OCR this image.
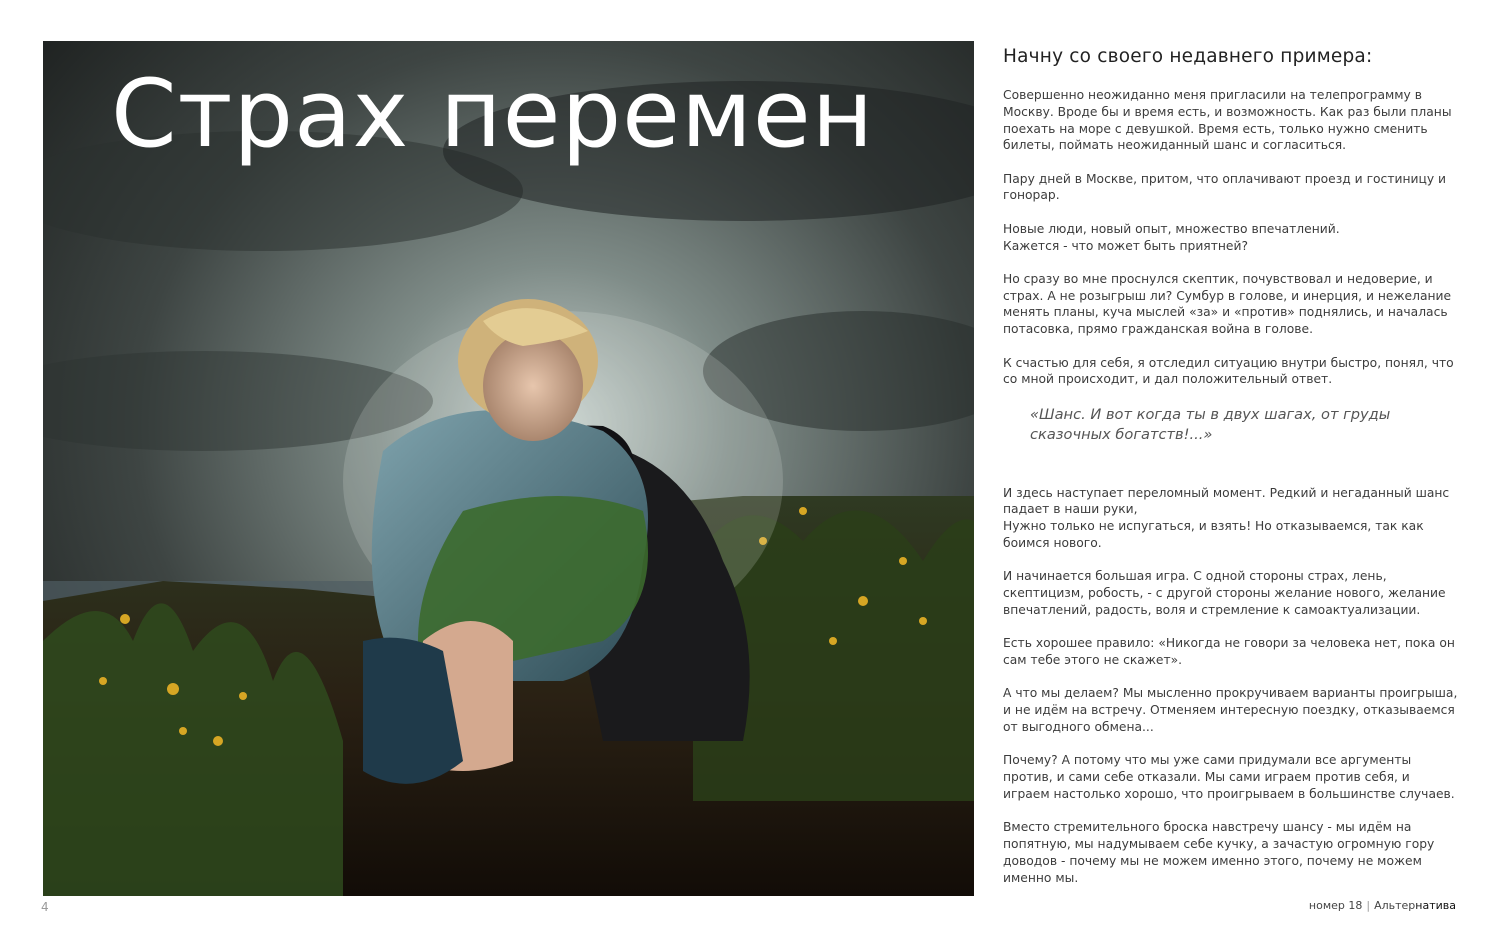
Страх перемен
Начну со своего недавнего примера:

Совершенно неожиданно меня пригласили на телепрограмму в
Москву. Вроде бы и время есть, и возможность. Как раз были планы
поехать на море с девушкой. Время есть, только нужно сменить
билеты, поймать неожиданный шанс и согласиться.

Пару дней в Москве, притом, что оплачивают проезд и гостиницу и
гонорар.

Новые люди, новый опыт, множество впечатлений.
Кажется - что может быть приятней?

Но сразу во мне проснулся скептик, почувствовал и недоверие, и
страх. А не розыгрыш ли? Сумбур в голове, и инерция, и нежелание
менять планы, куча мыслей «за» и «против» поднялись, и началась
потасовка, прямо гражданская война в голове.

К счастью для себя, я отследил ситуацию внутри быстро, понял, что
со мной происходит, и дал положительный ответ.

«Шанс. И вот когда ты в двух шагах, от груды
сказочных богатств!...»

И здесь наступает переломный момент. Редкий и негаданный шанс
падает в наши руки,
Нужно только не испугаться, и взять! Но отказываемся, так как
боимся нового.

И начинается большая игра. С одной стороны страх, лень,
скептицизм, робость, - с другой стороны желание нового, желание
впечатлений, радость, воля и стремление к самоактуализации.

Есть хорошее правило: «Никогда не говори за человека нет, пока он
сам тебе этого не скажет».

А что мы делаем? Мы мысленно прокручиваем варианты проигрыша,
и не идём на встречу. Отменяем интересную поездку, отказываемся
от выгодного обмена...

Почему? А потому что мы уже сами придумали все аргументы
против, и сами себе отказали. Мы сами играем против себя, и
играем настолько хорошо, что проигрываем в большинстве случаев.

Вместо стремительного броска навстречу шансу - мы идём на
попятную, мы надумываем себе кучку, а зачастую огромную гору
доводов - почему мы не можем именно этого, почему не можем
именно мы.

4	номер 18 | Альтернатива
